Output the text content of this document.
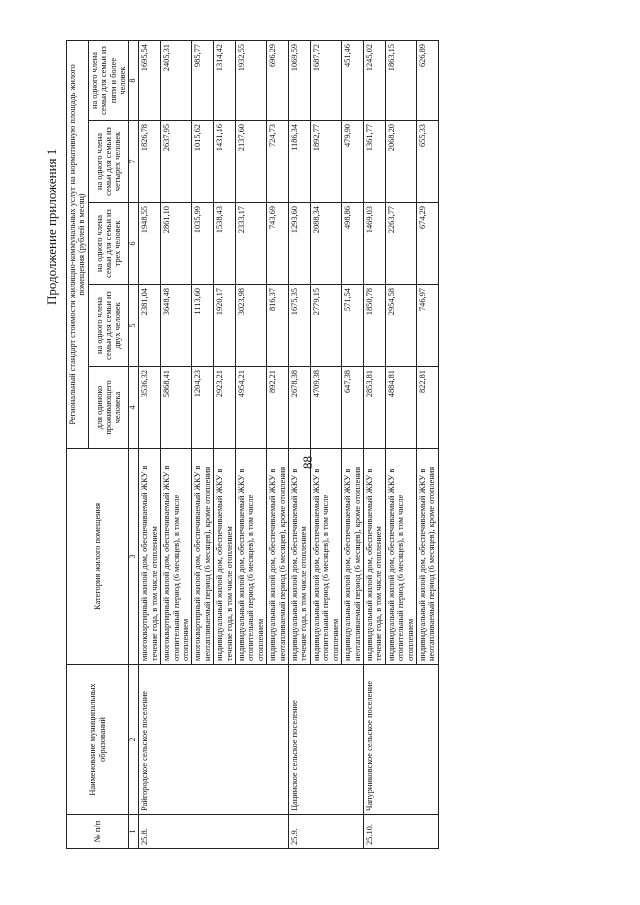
88
Продолжение приложения 1
№ п/п	Наименование муниципальных образований	Категория жилого помещения	Региональный стандарт стоимости жилищно-коммунальных услуг на нормативную площадь жилого помещения (рублей в месяц)				
			для одиноко проживающего человека	на одного члена семьи для семьи из двух человек	на одного члена семьи для семьи из трех человек	на одного члена семьи для семьи из четырех человек	на одного члена семьи для семьи из пяти и более человек
1	2	3	4	5	6	7	8
25.8.	Райгородское сельское поселение	многоквартирный жилой дом, обеспечиваемый ЖКУ в течение года, в том числе отоплением	3536,32	2381,04	1948,55	1826,78	1695,54
		многоквартирный жилой дом, обеспечиваемый ЖКУ в отопительный период (6 месяцев), в том числе отоплением	5868,41	3648,48	2861,10	2637,95	2405,31
		многоквартирный жилой дом, обеспечиваемый ЖКУ в неотапливаемый период (6 месяцев), кроме отопления	1204,23	1113,60	1035,99	1015,62	985,77
		индивидуальный жилой дом, обеспечиваемый ЖКУ в течение года, в том числе отоплением	2923,21	1920,17	1538,43	1431,16	1314,42
		индивидуальный жилой дом, обеспечиваемый ЖКУ в отопительный период (6 месяцев), в том числе отоплением	4954,21	3023,98	2333,17	2137,60	1932,55
		индивидуальный жилой дом, обеспечиваемый ЖКУ в неотапливаемый период (6 месяцев), кроме отопления	892,21	816,37	743,69	724,73	696,29
25.9.	Цацинское сельское поселение	индивидуальный жилой дом, обеспечиваемый ЖКУ в течение года, в том числе отоплением	2678,38	1675,35	1293,60	1186,34	1069,59
		индивидуальный жилой дом, обеспечиваемый ЖКУ в отопительный период (6 месяцев), в том числе отоплением	4709,38	2779,15	2088,34	1892,77	1687,72
		индивидуальный жилой дом, обеспечиваемый ЖКУ в неотапливаемый период (6 месяцев), кроме отопления	647,38	571,54	498,86	479,90	451,46
25.10.	Чапурниковское сельское поселение	индивидуальный жилой дом, обеспечиваемый ЖКУ в течение года, в том числе отоплением	2853,81	1850,78	1469,03	1361,77	1245,02
		индивидуальный жилой дом, обеспечиваемый ЖКУ в отопительный период (6 месяцев), в том числе отоплением	4884,81	2954,58	2263,77	2068,20	1863,15
		индивидуальный жилой дом, обеспечиваемый ЖКУ в неотапливаемый период (6 месяцев), кроме отопления	822,81	746,97	674,29	655,33	626,89
